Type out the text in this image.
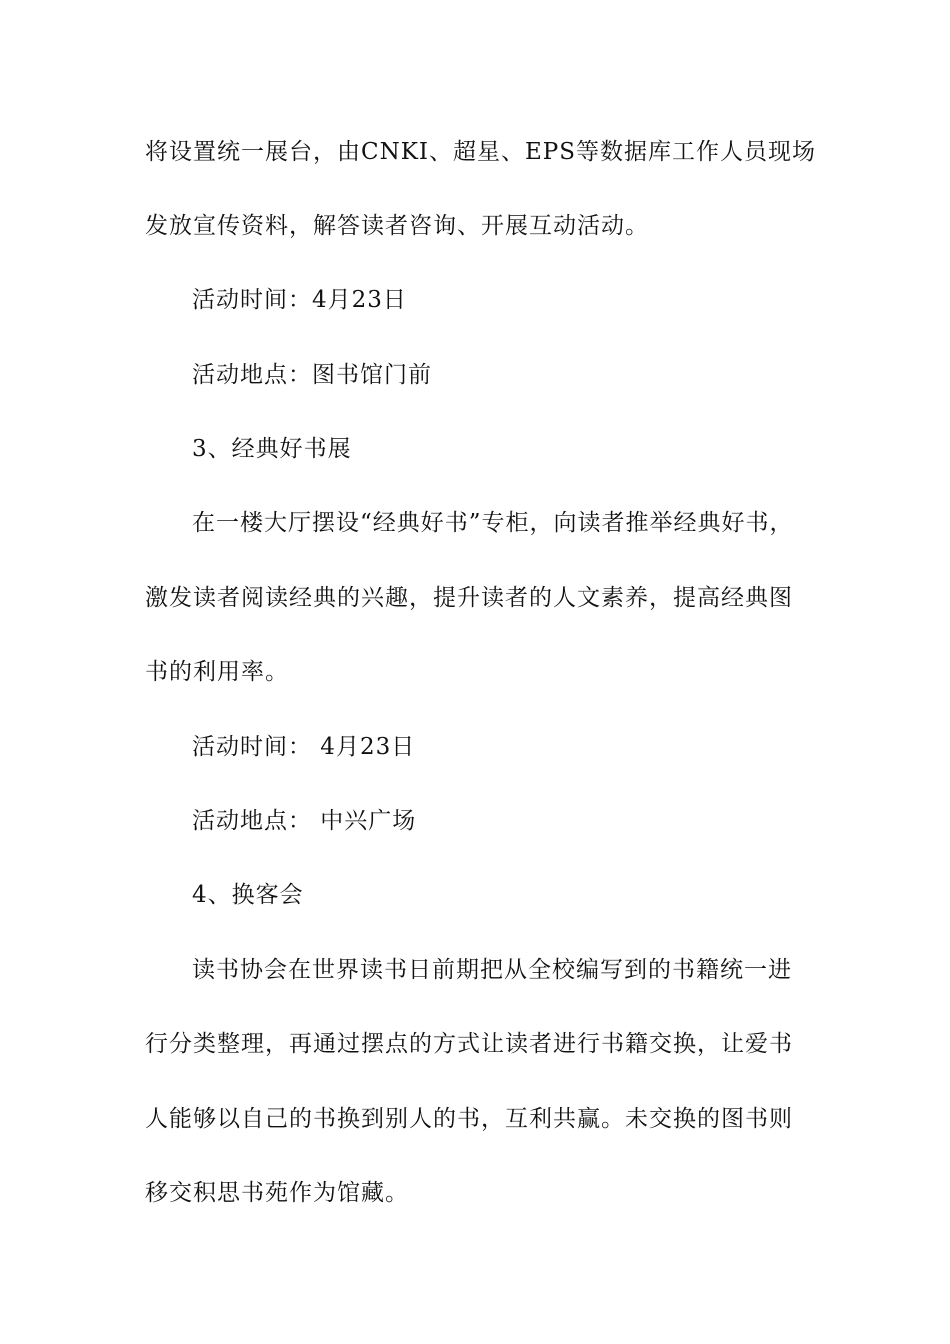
将设置统一展台，由CNKI、超星、EPS等数据库工作人员现场
发放宣传资料，解答读者咨询、开展互动活动。
活动时间：4月23日
活动地点：图书馆门前
3、经典好书展
在一楼大厅摆设“经典好书”专柜，向读者推举经典好书，
激发读者阅读经典的兴趣，提升读者的人文素养，提高经典图
书的利用率。
活动时间： 4月23日
活动地点： 中兴广场
4、换客会
读书协会在世界读书日前期把从全校编写到的书籍统一进
行分类整理，再通过摆点的方式让读者进行书籍交换，让爱书
人能够以自己的书换到别人的书，互利共赢。未交换的图书则
移交积思书苑作为馆藏。
